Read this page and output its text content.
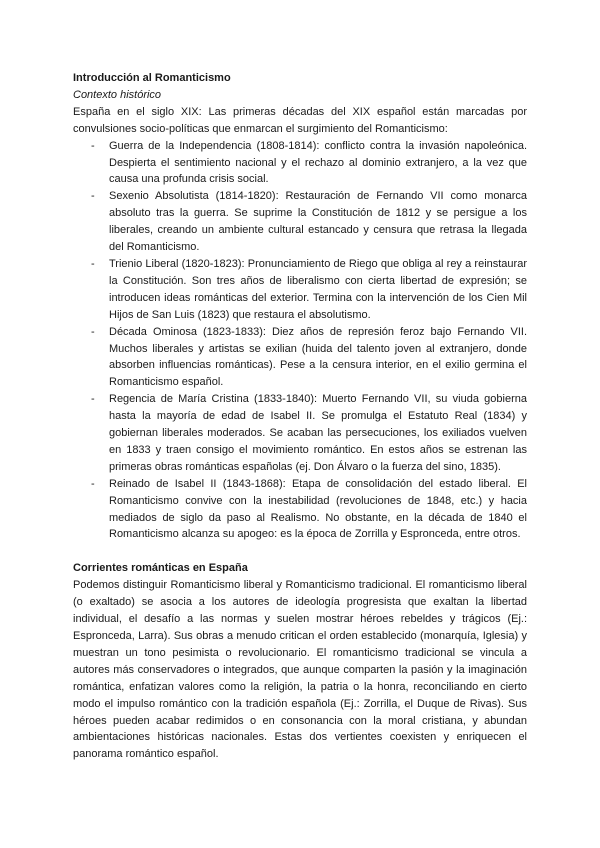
Introducción al Romanticismo

Contexto histórico

España en el siglo XIX: Las primeras décadas del XIX español están marcadas por convulsiones socio-políticas que enmarcan el surgimiento del Romanticismo:

- Guerra de la Independencia (1808-1814): conflicto contra la invasión napoleónica. Despierta el sentimiento nacional y el rechazo al dominio extranjero, a la vez que causa una profunda crisis social.
- Sexenio Absolutista (1814-1820): Restauración de Fernando VII como monarca absoluto tras la guerra. Se suprime la Constitución de 1812 y se persigue a los liberales, creando un ambiente cultural estancado y censura que retrasa la llegada del Romanticismo.
- Trienio Liberal (1820-1823): Pronunciamiento de Riego que obliga al rey a reinstaurar la Constitución. Son tres años de liberalismo con cierta libertad de expresión; se introducen ideas románticas del exterior. Termina con la intervención de los Cien Mil Hijos de San Luis (1823) que restaura el absolutismo.
- Década Ominosa (1823-1833): Diez años de represión feroz bajo Fernando VII. Muchos liberales y artistas se exilian (huida del talento joven al extranjero, donde absorben influencias románticas). Pese a la censura interior, en el exilio germina el Romanticismo español.
- Regencia de María Cristina (1833-1840): Muerto Fernando VII, su viuda gobierna hasta la mayoría de edad de Isabel II. Se promulga el Estatuto Real (1834) y gobiernan liberales moderados. Se acaban las persecuciones, los exiliados vuelven en 1833 y traen consigo el movimiento romántico. En estos años se estrenan las primeras obras románticas españolas (ej. Don Álvaro o la fuerza del sino, 1835).
- Reinado de Isabel II (1843-1868): Etapa de consolidación del estado liberal. El Romanticismo convive con la inestabilidad (revoluciones de 1848, etc.) y hacia mediados de siglo da paso al Realismo. No obstante, en la década de 1840 el Romanticismo alcanza su apogeo: es la época de Zorrilla y Espronceda, entre otros.

Corrientes románticas en España

Podemos distinguir Romanticismo liberal y Romanticismo tradicional. El romanticismo liberal (o exaltado) se asocia a los autores de ideología progresista que exaltan la libertad individual, el desafío a las normas y suelen mostrar héroes rebeldes y trágicos (Ej.: Espronceda, Larra). Sus obras a menudo critican el orden establecido (monarquía, Iglesia) y muestran un tono pesimista o revolucionario. El romanticismo tradicional se vincula a autores más conservadores o integrados, que aunque comparten la pasión y la imaginación romántica, enfatizan valores como la religión, la patria o la honra, reconciliando en cierto modo el impulso romántico con la tradición española (Ej.: Zorrilla, el Duque de Rivas). Sus héroes pueden acabar redimidos o en consonancia con la moral cristiana, y abundan ambientaciones históricas nacionales. Estas dos vertientes coexisten y enriquecen el panorama romántico español.
